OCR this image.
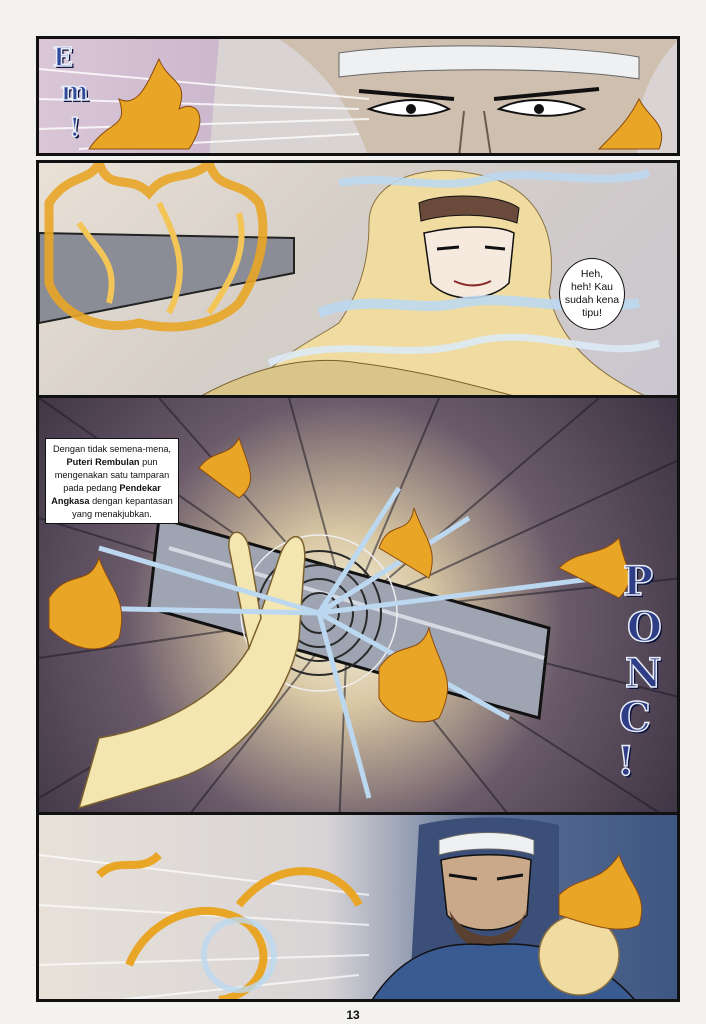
E
m
!
Heh,
heh! Kau
sudah kena
tipu!
Dengan tidak semena-mena, Puteri Rembulan pun mengenakan satu tamparan pada pedang Pendekar Angkasa dengan kepantasan yang menakjubkan.
P
O
N
C
!
13
